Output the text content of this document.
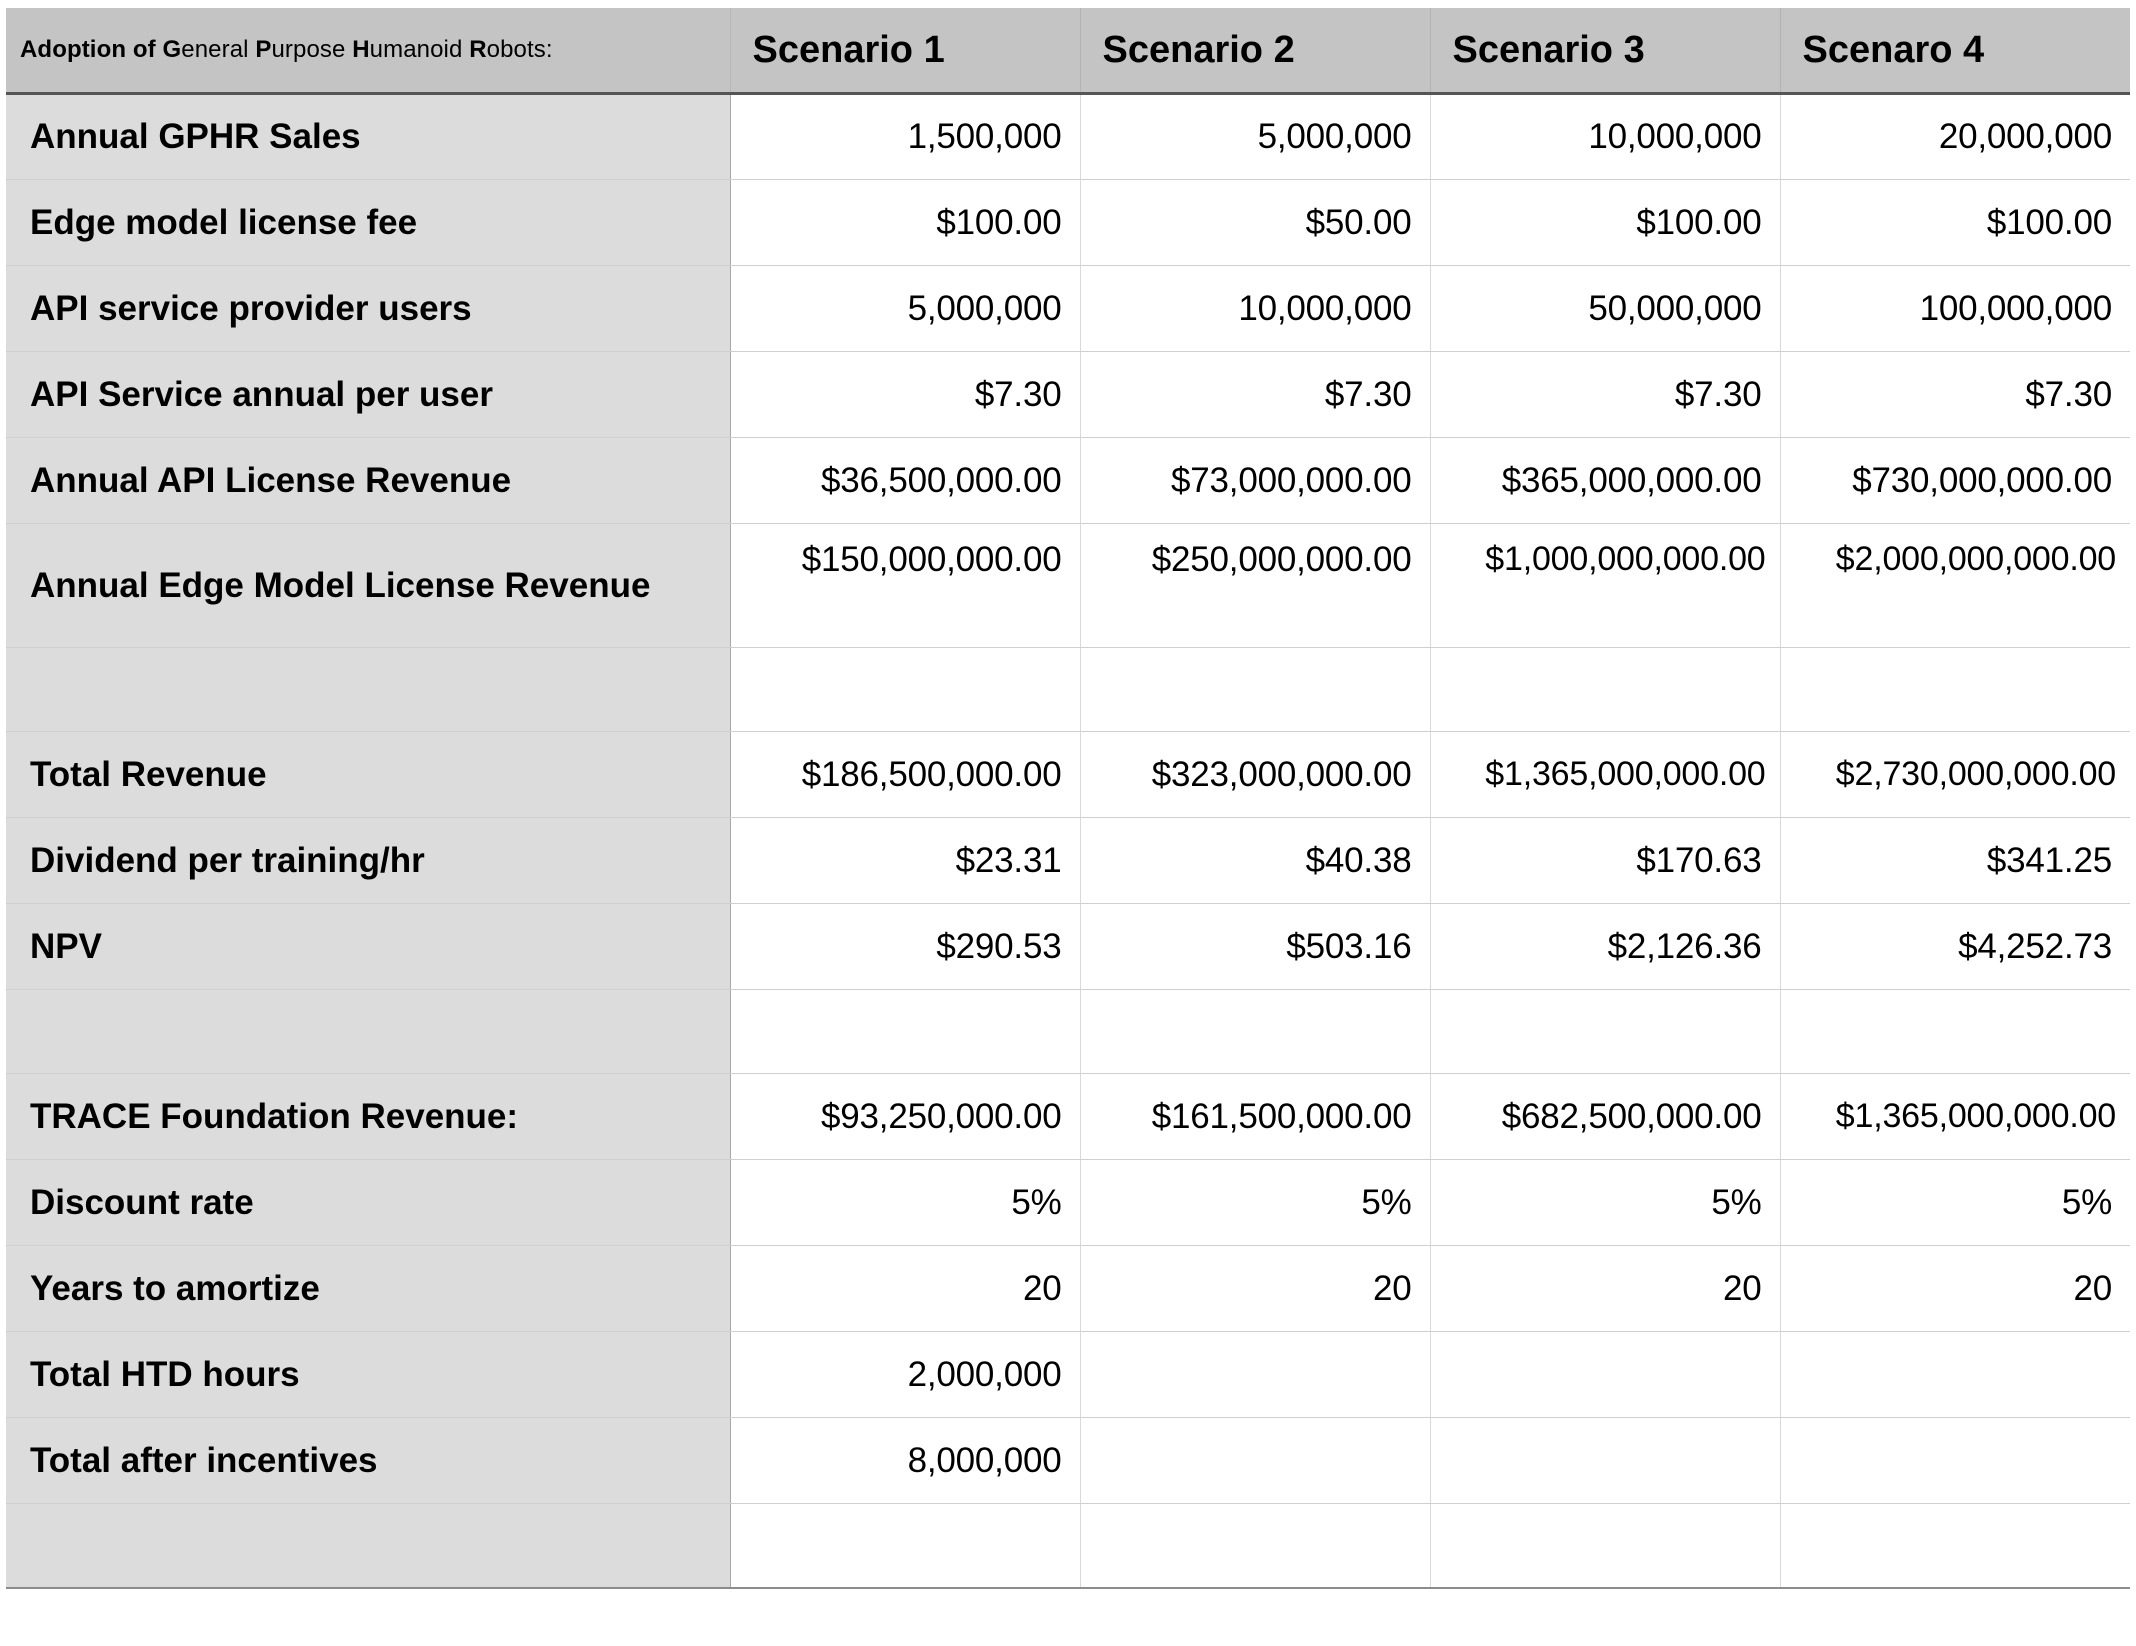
Adoption of General Purpose Humanoid Robots:	Scenario 1	Scenario 2	Scenario 3	Scenaro 4
Annual GPHR Sales	1,500,000	5,000,000	10,000,000	20,000,000
Edge model license fee	$100.00	$50.00	$100.00	$100.00
API service provider users	5,000,000	10,000,000	50,000,000	100,000,000
API Service annual per user	$7.30	$7.30	$7.30	$7.30
Annual API License Revenue	$36,500,000.00	$73,000,000.00	$365,000,000.00	$730,000,000.00
Annual Edge Model License Revenue	$150,000,000.00	$250,000,000.00	$1,000,000,000.00	$2,000,000,000.00

Total Revenue	$186,500,000.00	$323,000,000.00	$1,365,000,000.00	$2,730,000,000.00
Dividend per training/hr	$23.31	$40.38	$170.63	$341.25
NPV	$290.53	$503.16	$2,126.36	$4,252.73

TRACE Foundation Revenue:	$93,250,000.00	$161,500,000.00	$682,500,000.00	$1,365,000,000.00
Discount rate	5%	5%	5%	5%
Years to amortize	20	20	20	20
Total HTD hours	2,000,000			
Total after incentives	8,000,000			
